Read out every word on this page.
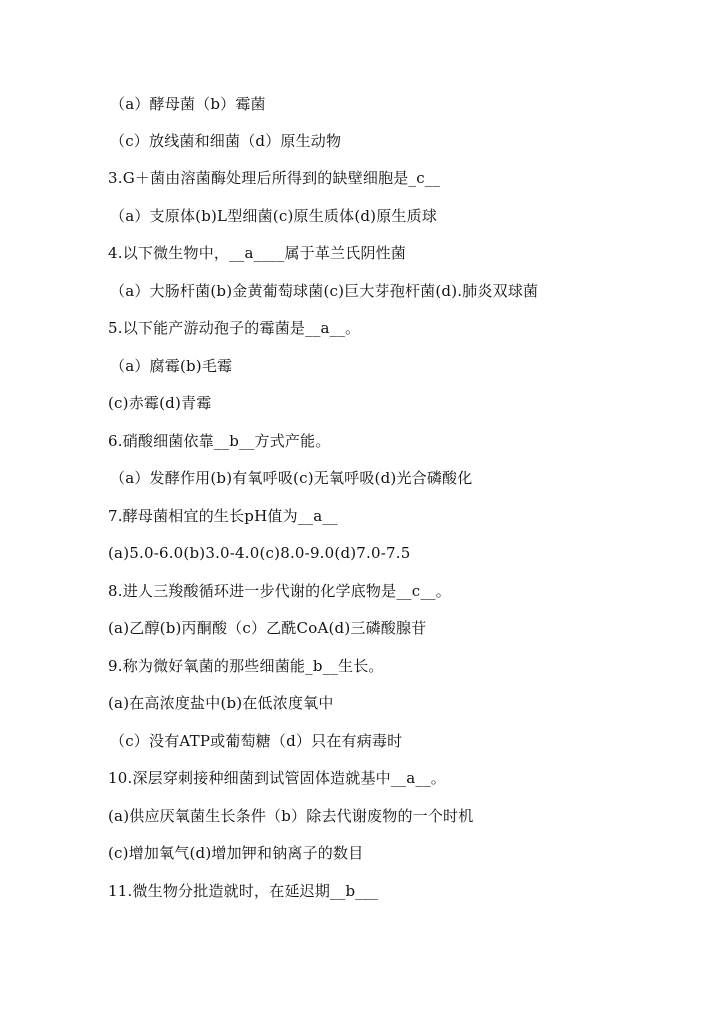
（a）酵母菌（b）霉菌
（c）放线菌和细菌（d）原生动物
3.G＋菌由溶菌酶处理后所得到的缺壁细胞是_c__
（a）支原体(b)L型细菌(c)原生质体(d)原生质球
4.以下微生物中，__a____属于革兰氏阴性菌
（a）大肠杆菌(b)金黄葡萄球菌(c)巨大芽孢杆菌(d).肺炎双球菌
5.以下能产游动孢子的霉菌是__a__。
（a）腐霉(b)毛霉
(c)赤霉(d)青霉
6.硝酸细菌依靠__b__方式产能。
（a）发酵作用(b)有氧呼吸(c)无氧呼吸(d)光合磷酸化
7.酵母菌相宜的生长pH值为__a__
(a)5.0-6.0(b)3.0-4.0(c)8.0-9.0(d)7.0-7.5
8.进人三羧酸循环进一步代谢的化学底物是__c__。
(a)乙醇(b)丙酮酸（c）乙酰CoA(d)三磷酸腺苷
9.称为微好氧菌的那些细菌能_b__生长。
(a)在高浓度盐中(b)在低浓度氧中
（c）没有ATP或葡萄糖（d）只在有病毒时
10.深层穿刺接种细菌到试管固体造就基中__a__。
(a)供应厌氧菌生长条件（b）除去代谢废物的一个时机
(c)增加氧气(d)增加钾和钠离子的数目
11.微生物分批造就时，在延迟期__b___
